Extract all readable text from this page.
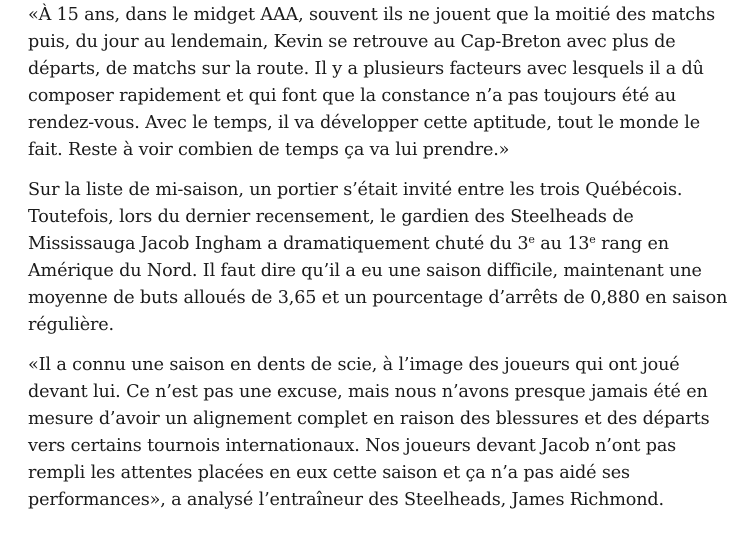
«À 15 ans, dans le midget AAA, souvent ils ne jouent que la moitié des matchs puis, du jour au lendemain, Kevin se retrouve au Cap-Breton avec plus de départs, de matchs sur la route. Il y a plusieurs facteurs avec lesquels il a dû composer rapidement et qui font que la constance n’a pas toujours été au rendez-vous. Avec le temps, il va développer cette aptitude, tout le monde le fait. Reste à voir combien de temps ça va lui prendre.»

Sur la liste de mi-saison, un portier s’était invité entre les trois Québécois. Toutefois, lors du dernier recensement, le gardien des Steelheads de Mississauga Jacob Ingham a dramatiquement chuté du 3e au 13e rang en Amérique du Nord. Il faut dire qu’il a eu une saison difficile, maintenant une moyenne de buts alloués de 3,65 et un pourcentage d’arrêts de 0,880 en saison régulière.

«Il a connu une saison en dents de scie, à l’image des joueurs qui ont joué devant lui. Ce n’est pas une excuse, mais nous n’avons presque jamais été en mesure d’avoir un alignement complet en raison des blessures et des départs vers certains tournois internationaux. Nos joueurs devant Jacob n’ont pas rempli les attentes placées en eux cette saison et ça n’a pas aidé ses performances», a analysé l’entraîneur des Steelheads, James Richmond.
